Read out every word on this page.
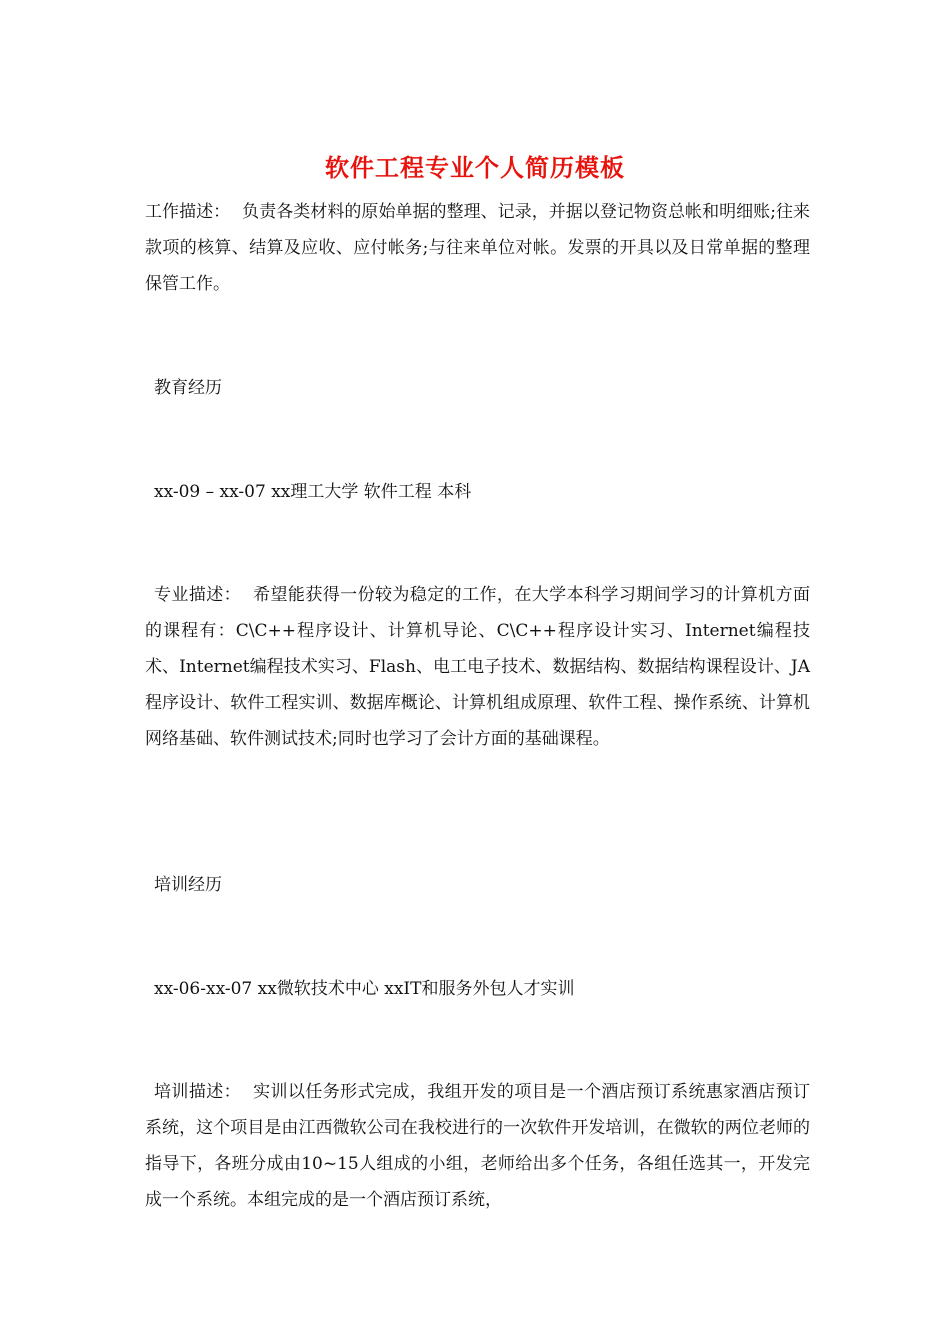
软件工程专业个人简历模板
工作描述： 负责各类材料的原始单据的整理、记录，并据以登记物资总帐和明细账;往来款项的核算、结算及应收、应付帐务;与往来单位对帐。发票的开具以及日常单据的整理保管工作。
教育经历
xx-09 – xx-07 xx理工大学 软件工程 本科
专业描述： 希望能获得一份较为稳定的工作，在大学本科学习期间学习的计算机方面的课程有：C\C++程序设计、计算机导论、C\C++程序设计实习、Internet编程技术、Internet编程技术实习、Flash、电工电子技术、数据结构、数据结构课程设计、JA程序设计、软件工程实训、数据库概论、计算机组成原理、软件工程、操作系统、计算机网络基础、软件测试技术;同时也学习了会计方面的基础课程。
培训经历
xx-06-xx-07 xx微软技术中心 xxIT和服务外包人才实训
培训描述： 实训以任务形式完成，我组开发的项目是一个酒店预订系统惠家酒店预订系统，这个项目是由江西微软公司在我校进行的一次软件开发培训，在微软的两位老师的指导下，各班分成由10~15人组成的小组，老师给出多个任务，各组任选其一，开发完成一个系统。本组完成的是一个酒店预订系统，
